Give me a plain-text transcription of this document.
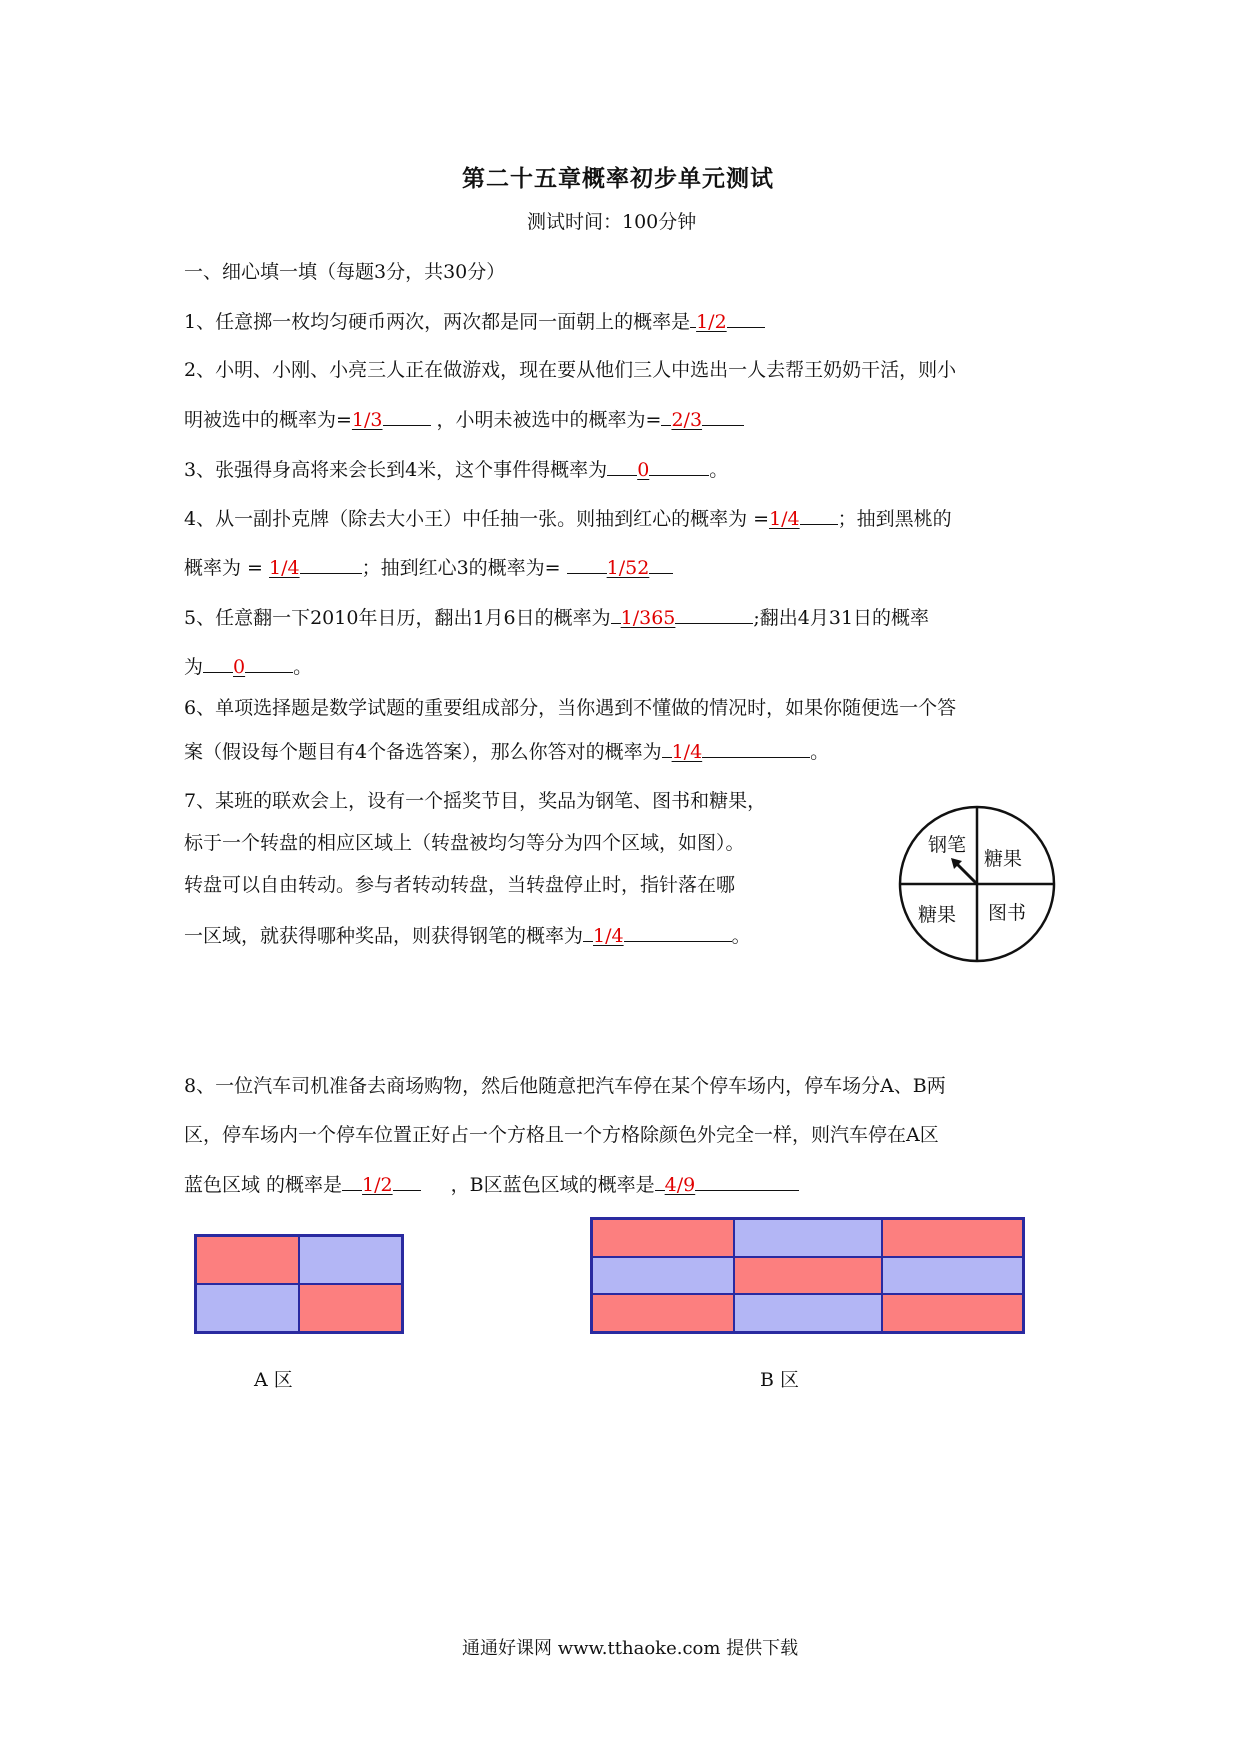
第二十五章概率初步单元测试
测试时间：100分钟
一、细心填一填（每题3分，共30分）
1、任意掷一枚均匀硬币两次，两次都是同一面朝上的概率是 1/2
2、小明、小刚、小亮三人正在做游戏，现在要从他们三人中选出一人去帮王奶奶干活，则小
明被选中的概率为=1/3	，小明未被选中的概率为= 2/3
3、张强得身高将来会长到4米，这个事件得概率为 0	。
4、从一副扑克牌（除去大小王）中任抽一张。则抽到红心的概率为 =1/4 ；抽到黑桃的
概率为 = 1/4	；抽到红心3的概率为= 1/52
5、任意翻一下2010年日历，翻出1月6日的概率为 1/365	;翻出4月31日的概率
为 0	。
6、单项选择题是数学试题的重要组成部分，当你遇到不懂做的情况时，如果你随便选一个答
案（假设每个题目有4个备选答案），那么你答对的概率为 1/4	。
7、某班的联欢会上，设有一个摇奖节目，奖品为钢笔、图书和糖果，
标于一个转盘的相应区域上（转盘被均匀等分为四个区域，如图）。
转盘可以自由转动。参与者转动转盘，当转盘停止时，指针落在哪
一区域，就获得哪种奖品，则获得钢笔的概率为 1/4	。
钢笔
糖果
糖果 图书
8、一位汽车司机准备去商场购物，然后他随意把汽车停在某个停车场内，停车场分A、B两
区，停车场内一个停车位置正好占一个方格且一个方格除颜色外完全一样，则汽车停在A区
蓝色区域 的概率是 1/2	，B区蓝色区域的概率是 4/9
A 区	B 区
通通好课网 www.tthaoke.com 提供下载
